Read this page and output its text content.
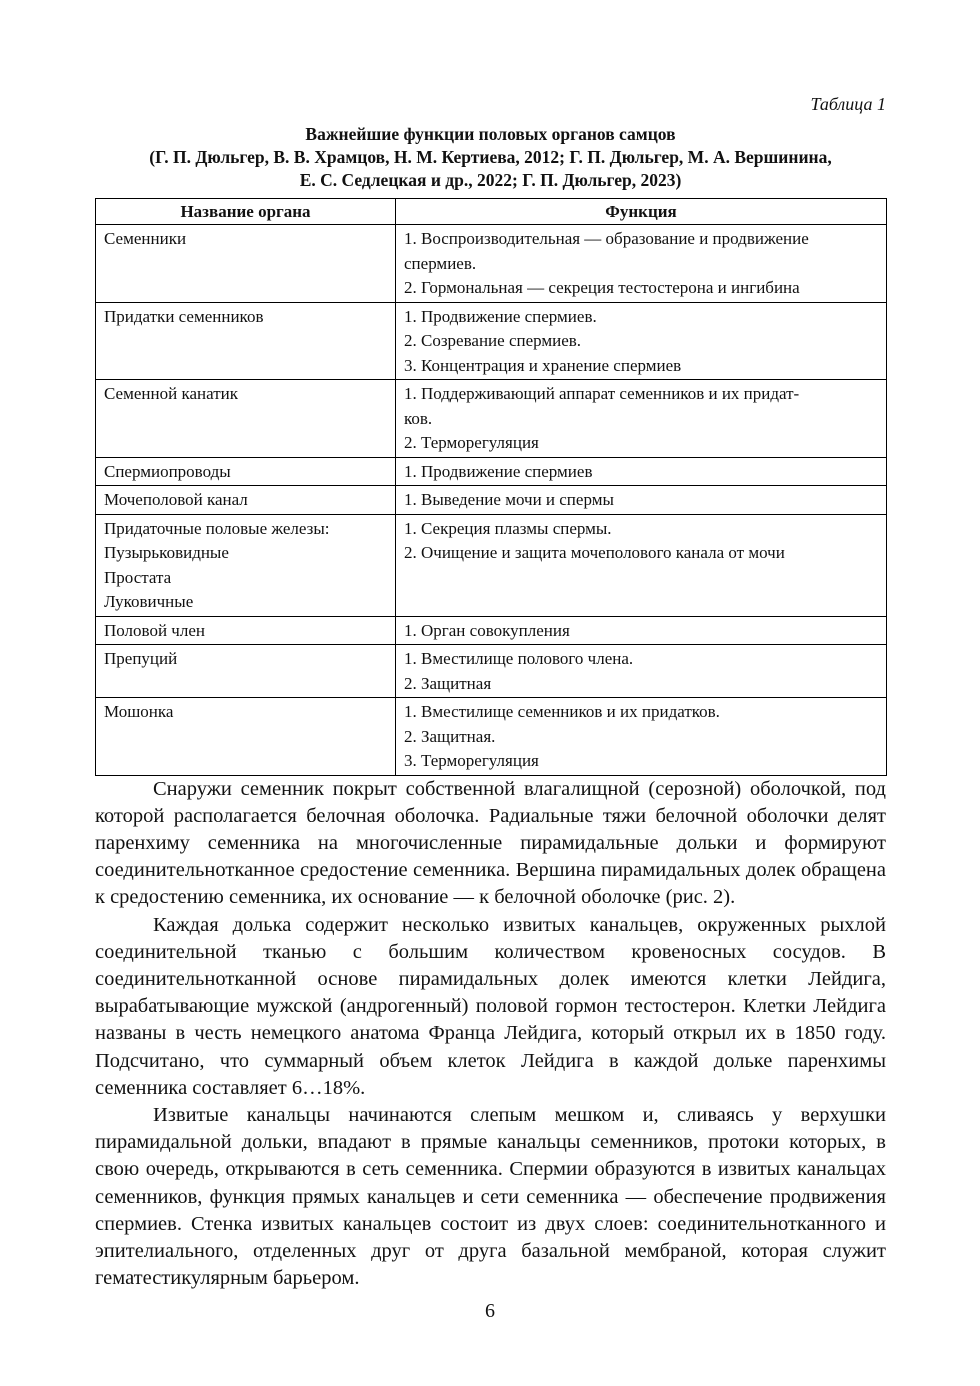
Таблица 1
Важнейшие функции половых органов самцов
(Г. П. Дюльгер, В. В. Храмцов, Н. М. Кертиева, 2012; Г. П. Дюльгер, М. А. Вершинина,
Е. С. Седлецкая и др., 2022; Г. П. Дюльгер, 2023)
Название органа	Функция

Семенники	1. Воспроизводительная — образование и продвижение
спермиев.
2. Гормональная — секреция тестостерона и ингибина

Придатки семенников	1. Продвижение спермиев.
2. Созревание спермиев.
3. Концентрация и хранение спермиев

Семенной канатик	1. Поддерживающий аппарат семенников и их придат-
ков.
2. Терморегуляция

Спермиопроводы	1. Продвижение спермиев

Мочеполовой канал	1. Выведение мочи и спермы

Придаточные половые железы:
Пузырьковидные
Простата
Луковичные	1. Секреция плазмы спермы.
2. Очищение и защита мочеполового канала от мочи

Половой член	1. Орган совокупления

Препуций	1. Вместилище полового члена.
2. Защитная

Мошонка	1. Вместилище семенников и их придатков.
2. Защитная.
3. Терморегуляция

Снаружи семенник покрыт собственной влагалищной (серозной) оболочкой, под которой располагается белочная оболочка. Радиальные тяжи белочной оболочки делят паренхиму семенника на многочисленные пирамидальные дольки и формируют соединительнотканное средостение семенника. Вершина пирамидальных долек обращена к средостению семенника, их основание — к белочной оболочке (рис. 2).

Каждая долька содержит несколько извитых канальцев, окруженных рыхлой соединительной тканью с большим количеством кровеносных сосудов. В соединительнотканной основе пирамидальных долек имеются клетки Лейдига, вырабатывающие мужской (андрогенный) половой гормон тестостерон. Клетки Лейдига названы в честь немецкого анатома Франца Лейдига, который открыл их в 1850 году. Подсчитано, что суммарный объем клеток Лейдига в каждой дольке паренхимы семенника составляет 6…18%.

Извитые канальцы начинаются слепым мешком и, сливаясь у верхушки пирамидальной дольки, впадают в прямые канальцы семенников, протоки которых, в свою очередь, открываются в сеть семенника. Спермии образуются в извитых канальцах семенников, функция прямых канальцев и сети семенника — обеспечение продвижения спермиев. Стенка извитых канальцев состоит из двух слоев: соединительнотканного и эпителиального, отделенных друг от друга базальной мембраной, которая служит гематестикулярным барьером.

6
